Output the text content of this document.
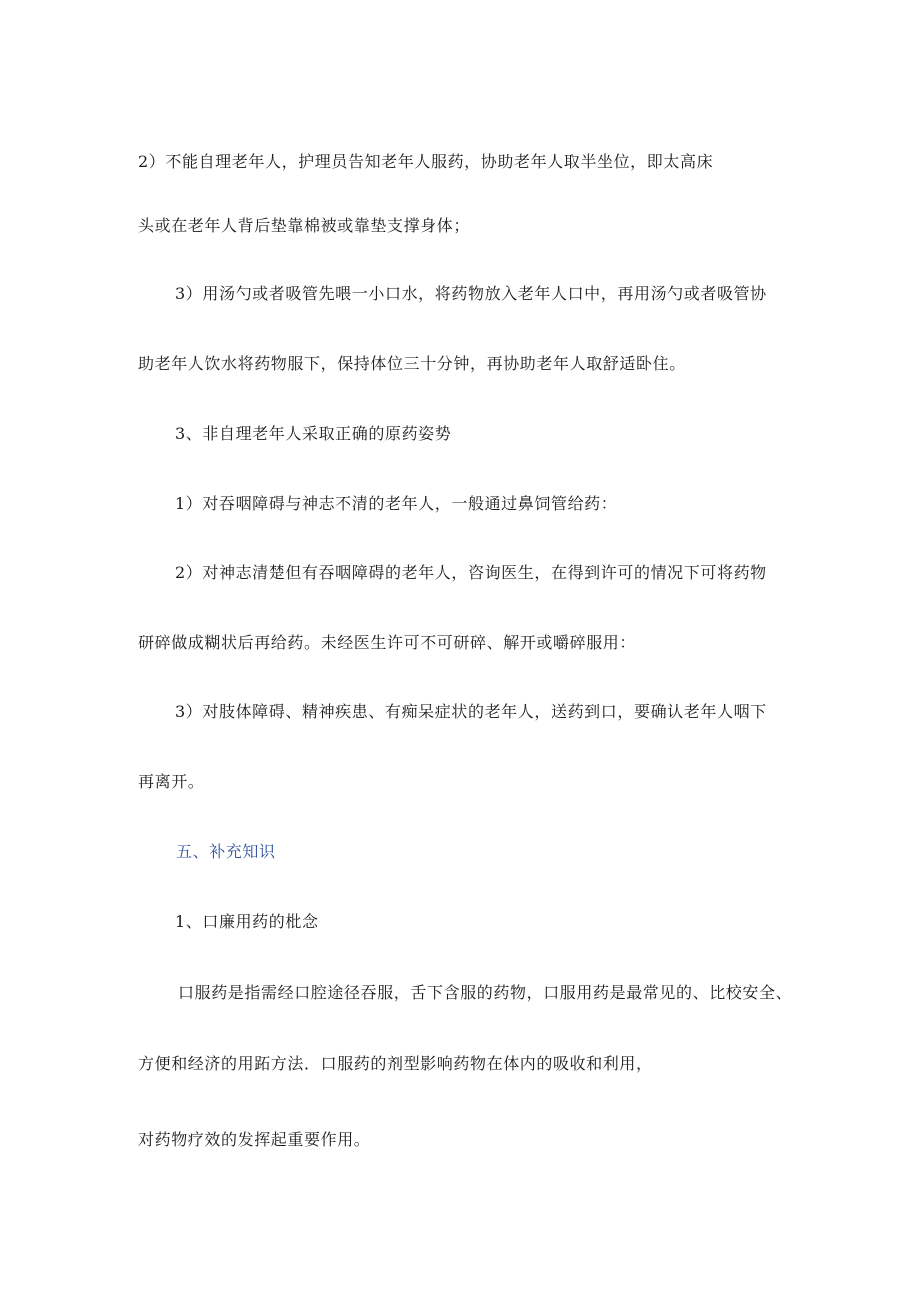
2）不能自理老年人，护理员告知老年人服药，协助老年人取半坐位，即太高床
头或在老年人背后垫靠棉被或靠垫支撑身体；
3）用汤勺或者吸管先喂一小口水，将药物放入老年人口中，再用汤勺或者吸管协
助老年人饮水将药物服下，保持体位三十分钟，再协助老年人取舒适卧住。
3、非自理老年人采取正确的原药姿势
1）对吞咽障碍与神志不清的老年人，一般通过鼻饲管给药：
2）对神志清楚但有吞咽障碍的老年人，咨询医生，在得到许可的情况下可将药物
研碎做成糊状后再给药。未经医生许可不可研碎、解开或嚼碎服用：
3）对肢体障碍、精神疾患、有痴呆症状的老年人，送药到口，要确认老年人咽下
再离开。
五、补充知识
1、口廉用药的枇念
口服药是指需经口腔途径吞服，舌下含服的药物，口服用药是最常见的、比校安全、
方便和经济的用跖方法．口服药的剂型影响药物在体内的吸收和利用，
对药物疗效的发挥起重要作用。
